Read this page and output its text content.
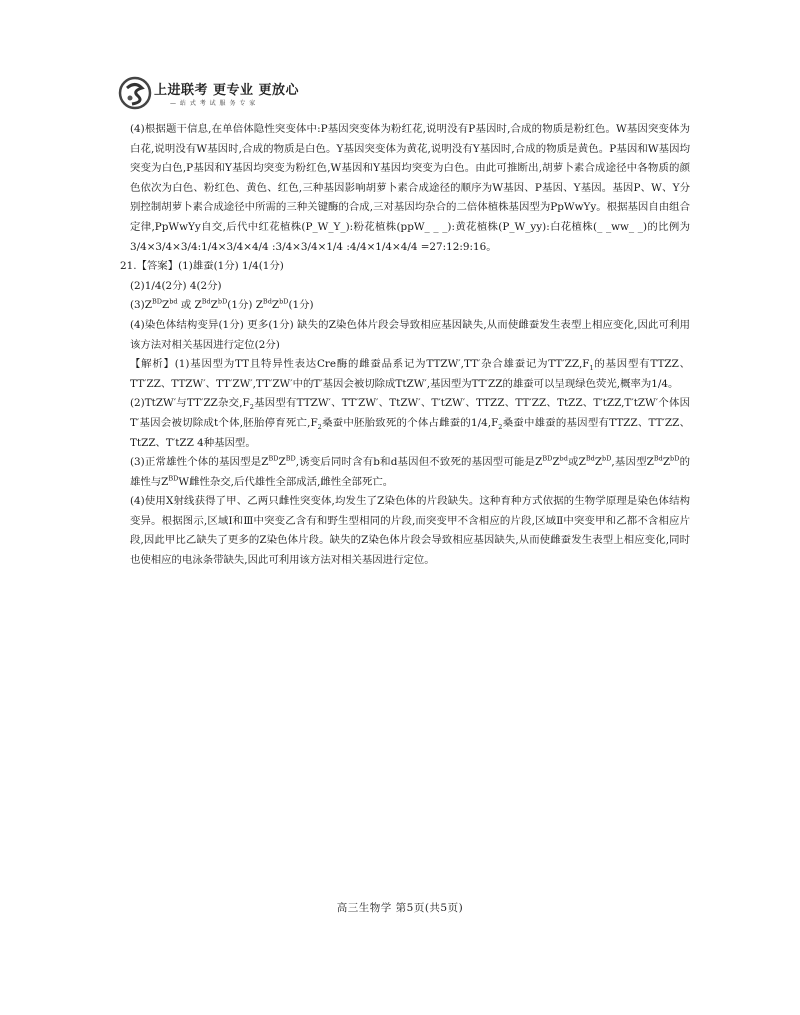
上进联考 更专业 更放心
— 站 式 考 试 服 务 专 家

(4)根据题干信息,在单倍体隐性突变体中:P基因突变体为粉红花,说明没有P基因时,合成的物质是粉红色。W基因突变体为白花,说明没有W基因时,合成的物质是白色。Y基因突变体为黄花,说明没有Y基因时,合成的物质是黄色。P基因和W基因均突变为白色,P基因和Y基因均突变为粉红色,W基因和Y基因均突变为白色。由此可推断出,胡萝卜素合成途径中各物质的颜色依次为白色、粉红色、黄色、红色,三种基因影响胡萝卜素合成途径的顺序为W基因、P基因、Y基因。基因P、W、Y分别控制胡萝卜素合成途径中所需的三种关键酶的合成,三对基因均杂合的二倍体植株基因型为PpWwYy。根据基因自由组合定律,PpWwYy自交,后代中红花植株(P_W_Y_):粉花植株(ppW_ _ _):黄花植株(P_W_yy):白花植株(_ _ww_ _)的比例为3/4×3/4×3/4:1/4×3/4×4/4 :3/4×3/4×1/4 :4/4×1/4×4/4 =27:12:9:16。

21.【答案】(1)雄蚕(1分) 1/4(1分)

(2)1/4(2分) 4(2分)

$(3)Z^{BD}Z^{bd}$ 或 $Z^{Bd}Z^{bD}(1$分) $Z^{Bd}Z^{bD}(1$分)

(4)染色体结构变异(1分) 更多(1分) 缺失的Z染色体片段会导致相应基因缺失,从而使雌蚕发生表型上相应变化,因此可利用该方法对相关基因进行定位(2分)

【解析】(1)基因型为TT且特异性表达Cre酶的雌蚕品系记为TTZW′,TT′杂合雄蚕记为$TT'ZZ,F_1$的基因型有TTZZ、TT′ZZ、TTZW′、TT′ZW′,TT′ZW′中的T′基因会被切除成TtZW′,基因型为TT′ZZ的雄蚕可以呈现绿色荧光,概率为1/4。

(2)TtZW′与TT′ZZ杂交$,F_2$基因型有TTZW′、TT′ZW′、TtZW′、T′tZW′、TTZZ、TT′ZZ、TtZZ、T′tZZ,T′tZW′个体因T′基因会被切除成t个体,胚胎停育死亡$,F_2$桑蚕中胚胎致死的个体占雌蚕的$1/4,F_2$桑蚕中雄蚕的基因型有TTZZ、TT′ZZ、TtZZ、T′tZZ 4种基因型。

(3)正常雄性个体的基因型是$Z^{BD}Z^{BD}$,诱变后同时含有b和d基因但不致死的基因型可能是$Z^{BD}Z^{bd}$或$Z^{Bd}Z^{bD}$,基因型$Z^{Bd}Z^{bD}$的雄性与$Z^{BD}W$雌性杂交,后代雄性全部成活,雌性全部死亡。

(4)使用X射线获得了甲、乙两只雌性突变体,均发生了Z染色体的片段缺失。这种育种方式依据的生物学原理是染色体结构变异。根据图示,区域Ⅰ和Ⅲ中突变乙含有和野生型相同的片段,而突变甲不含相应的片段,区域Ⅱ中突变甲和乙都不含相应片段,因此甲比乙缺失了更多的Z染色体片段。缺失的Z染色体片段会导致相应基因缺失,从而使雌蚕发生表型上相应变化,同时也使相应的电泳条带缺失,因此可利用该方法对相关基因进行定位。

高三生物学 第5页(共5页)
